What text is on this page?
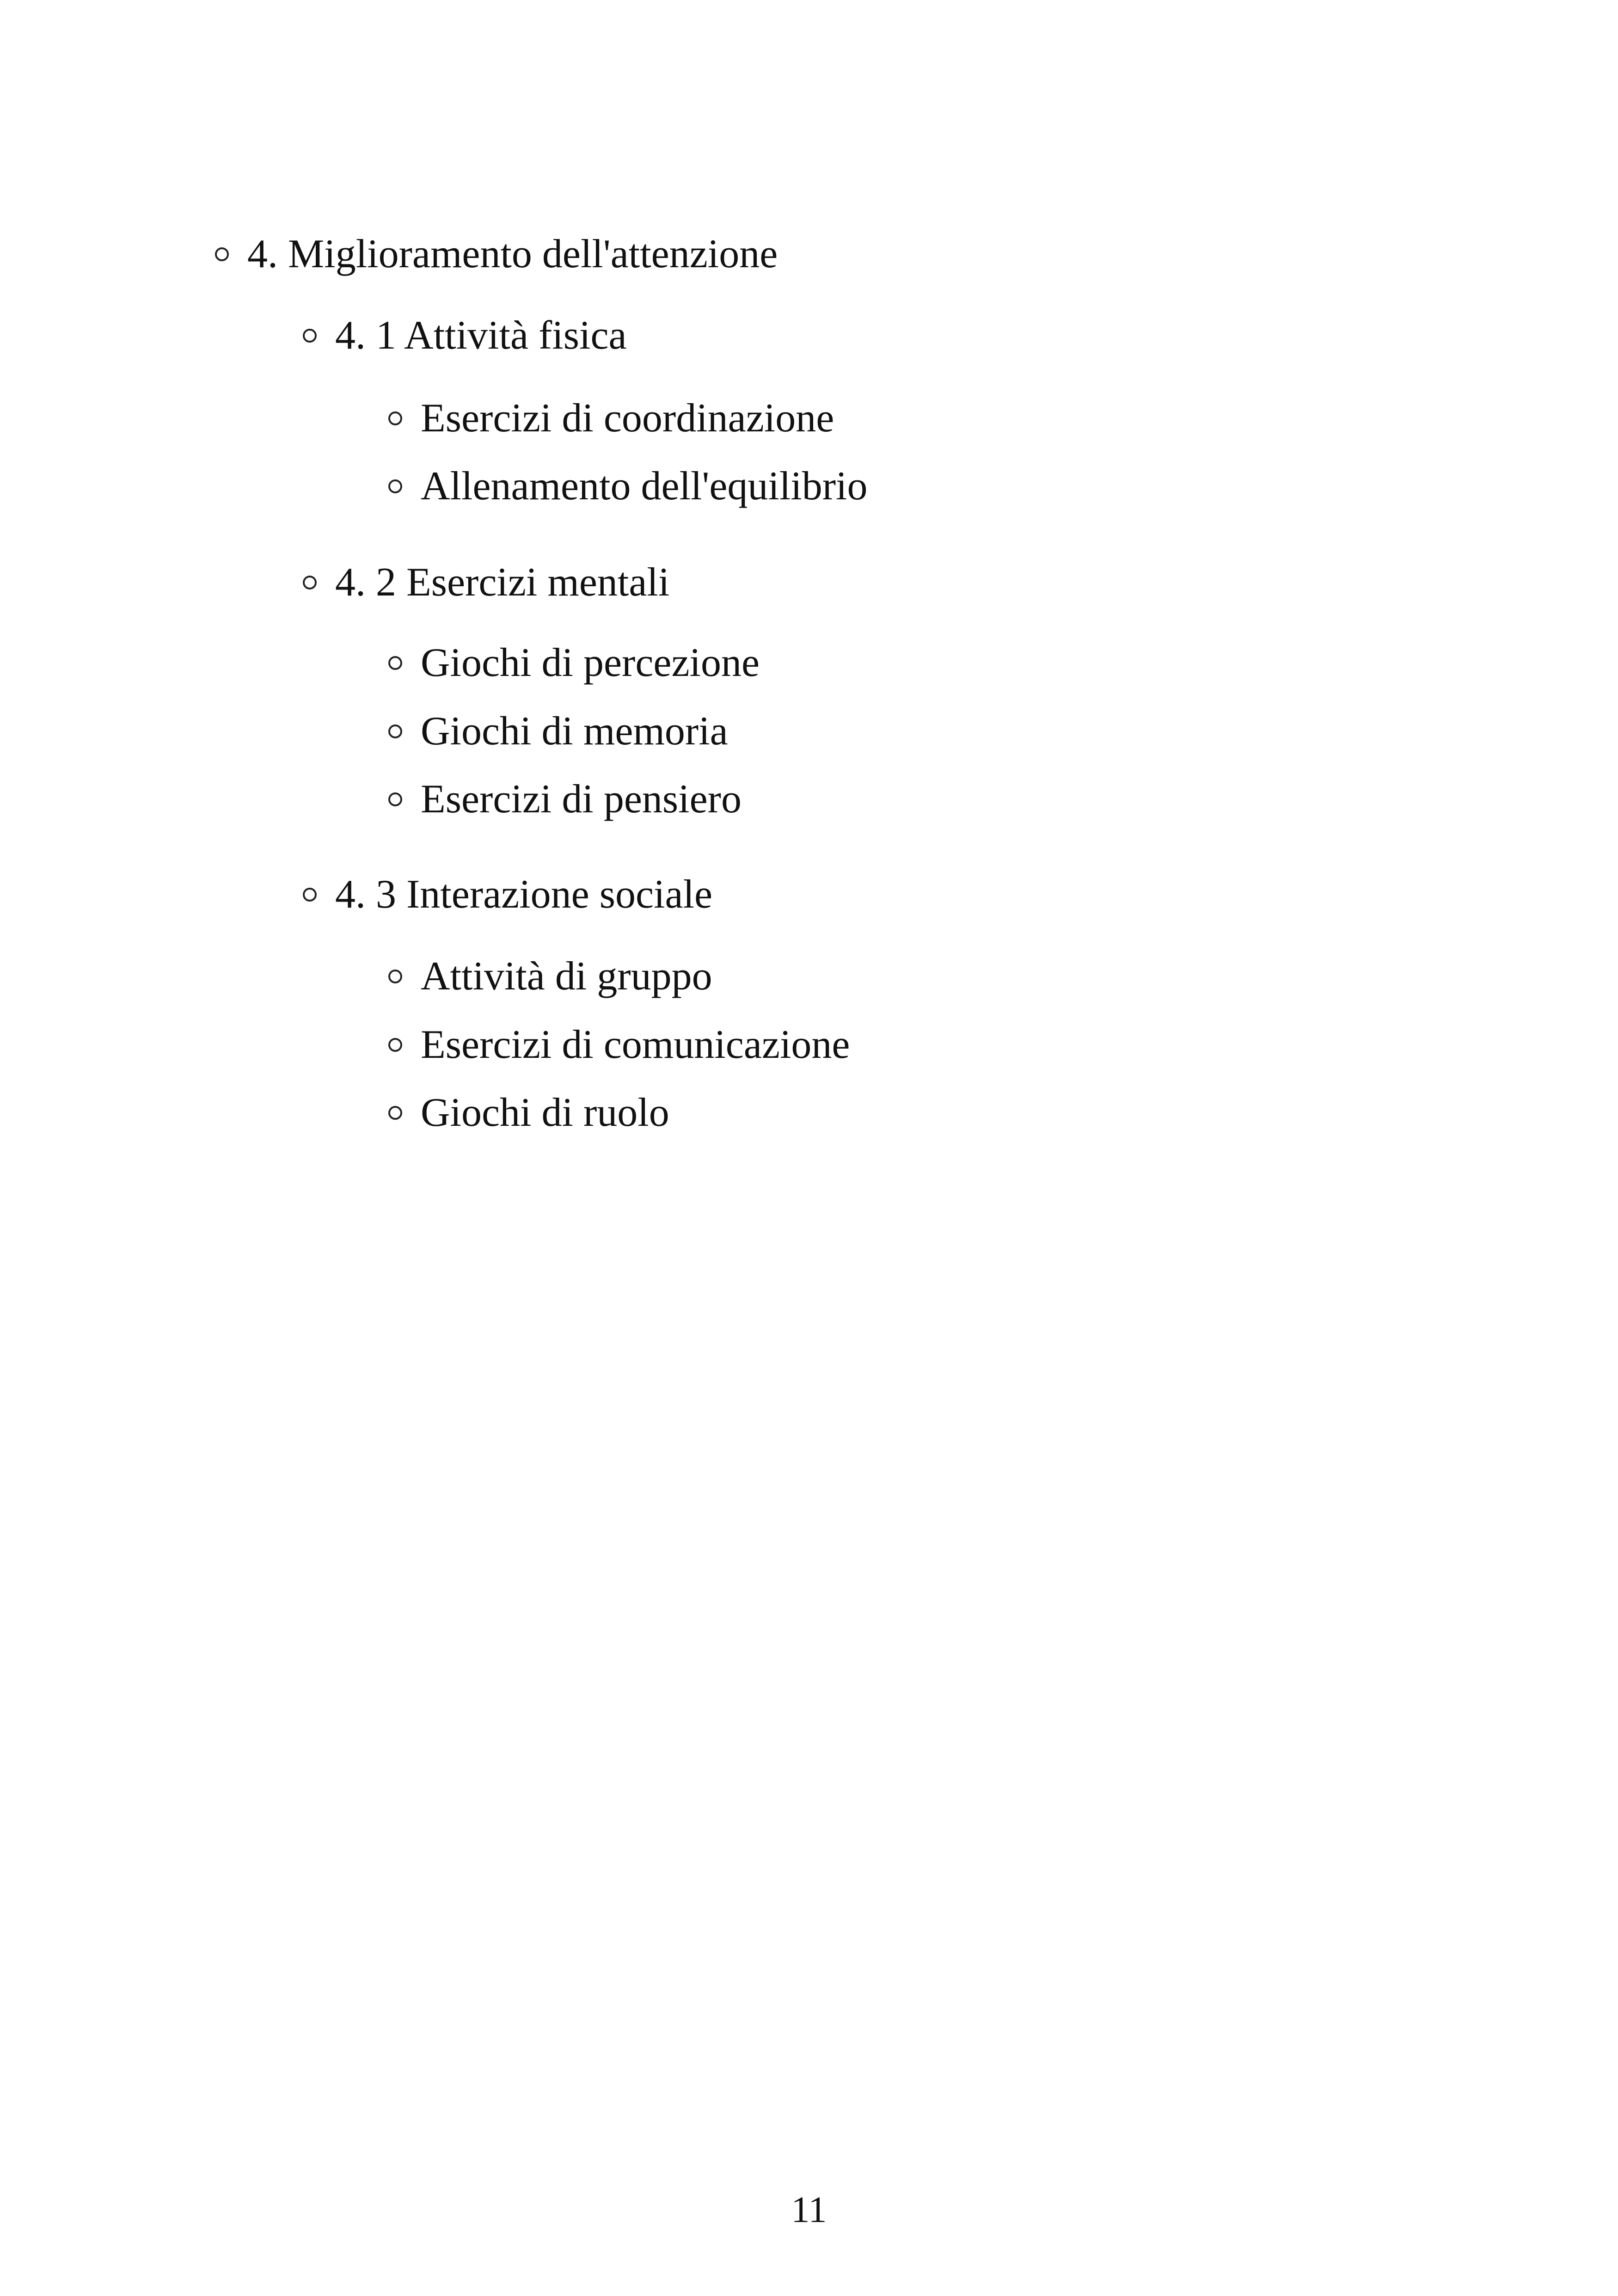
4. Miglioramento dell'attenzione
4. 1 Attività fisica
Esercizi di coordinazione
Allenamento dell'equilibrio
4. 2 Esercizi mentali
Giochi di percezione
Giochi di memoria
Esercizi di pensiero
4. 3 Interazione sociale
Attività di gruppo
Esercizi di comunicazione
Giochi di ruolo
11
